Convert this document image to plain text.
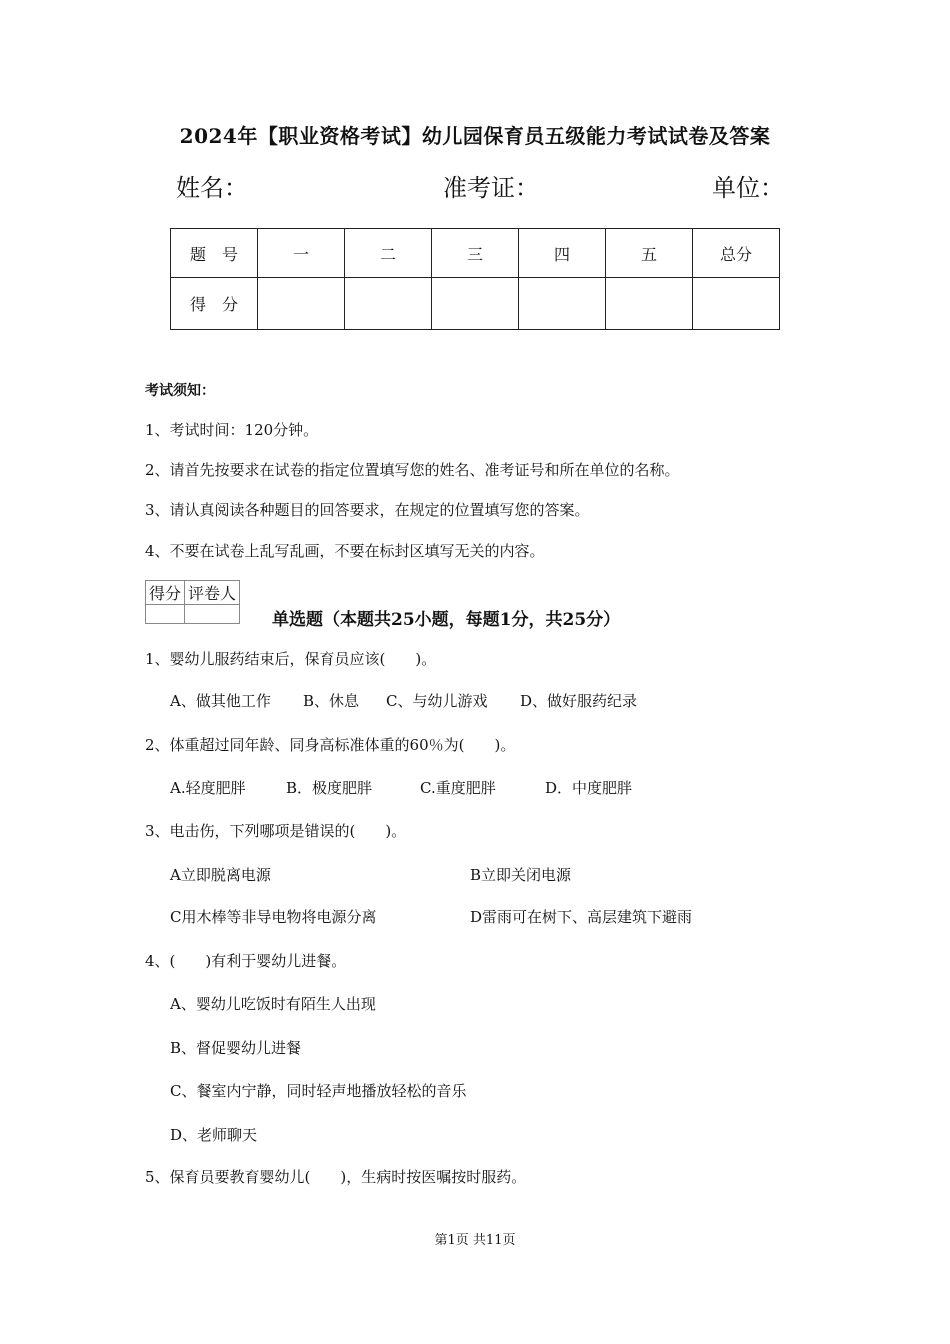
2024年【职业资格考试】幼儿园保育员五级能力考试试卷及答案
姓名：	准考证：	单位：
题　号	一	二	三	四	五	总分
得　分						
考试须知：
1、考试时间：120分钟。
2、请首先按要求在试卷的指定位置填写您的姓名、准考证号和所在单位的名称。
3、请认真阅读各种题目的回答要求，在规定的位置填写您的答案。
4、不要在试卷上乱写乱画，不要在标封区填写无关的内容。
得分	评卷人

单选题（本题共25小题，每题1分，共25分）
1、婴幼儿服药结束后，保育员应该(　　)。
A、做其他工作 B、休息 C、与幼儿游戏 D、做好服药纪录
2、体重超过同年龄、同身高标准体重的60％为(　　)。
A.轻度肥胖	B．极度肥胖	C.重度肥胖	D．中度肥胖
3、电击伤，下列哪项是错误的(　　)。
A立即脱离电源	B立即关闭电源
C用木棒等非导电物将电源分离	D雷雨可在树下、高层建筑下避雨
4、(　　)有利于婴幼儿进餐。
A、婴幼儿吃饭时有陌生人出现
B、督促婴幼儿进餐
C、餐室内宁静，同时轻声地播放轻松的音乐
D、老师聊天
5、保育员要教育婴幼儿(　　)，生病时按医嘱按时服药。
第1页 共11页
